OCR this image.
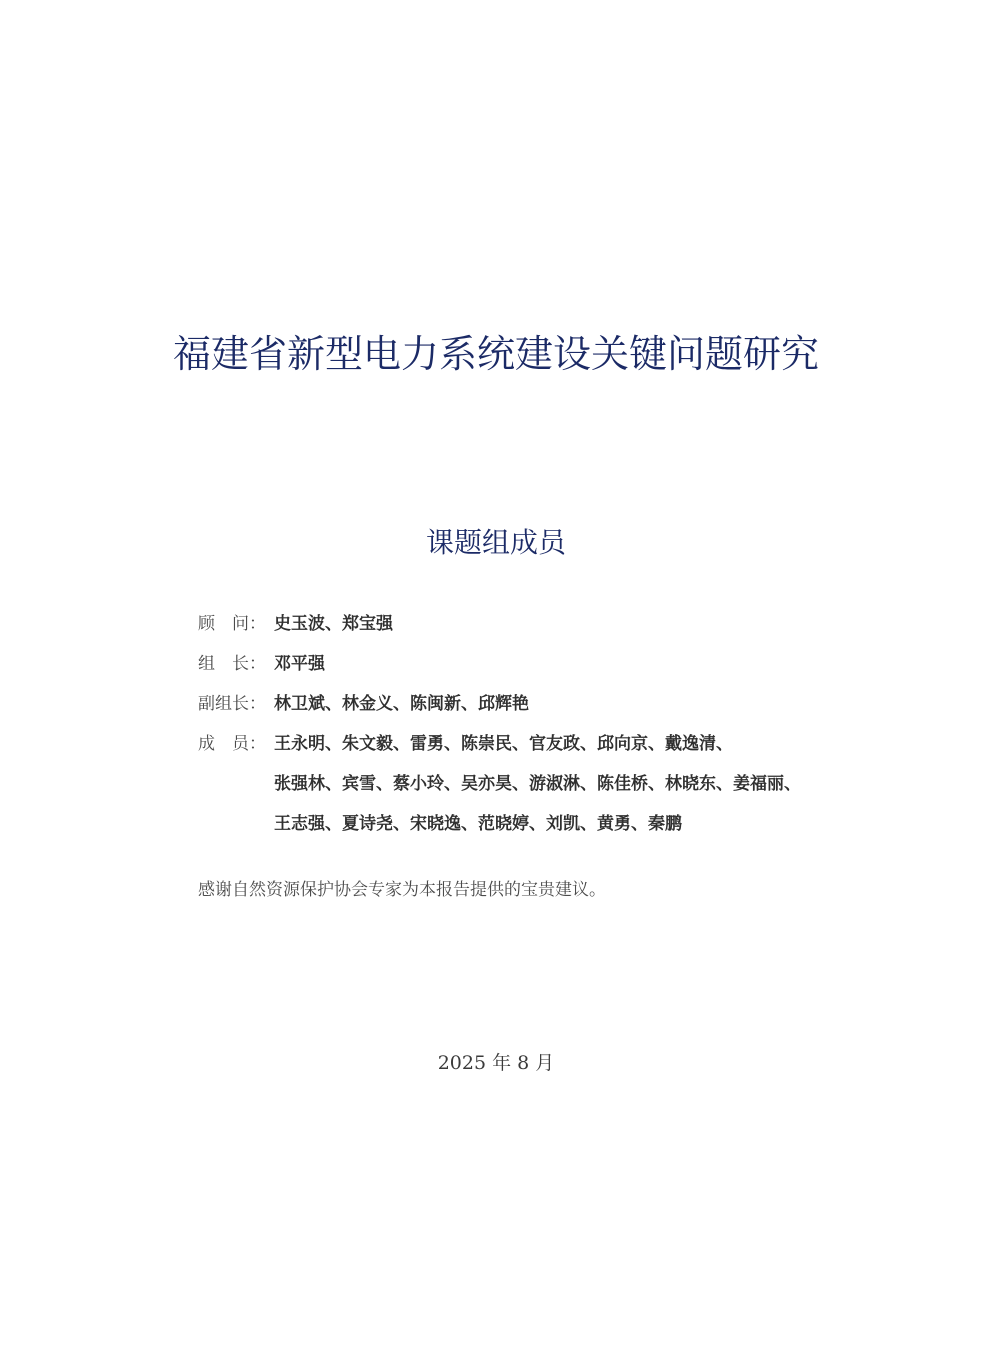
福建省新型电力系统建设关键问题研究
课题组成员
顾　问： 史玉波、郑宝强
组　长： 邓平强
副组长： 林卫斌、林金义、陈闽新、邱辉艳
成　员： 王永明、朱文毅、雷勇、陈崇民、官友政、邱向京、戴逸清、
张强林、宾雪、蔡小玲、吴亦昊、游淑淋、陈佳桥、林晓东、姜福丽、
王志强、夏诗尧、宋晓逸、范晓婷、刘凯、黄勇、秦鹏
感谢自然资源保护协会专家为本报告提供的宝贵建议。
2025 年 8 月
